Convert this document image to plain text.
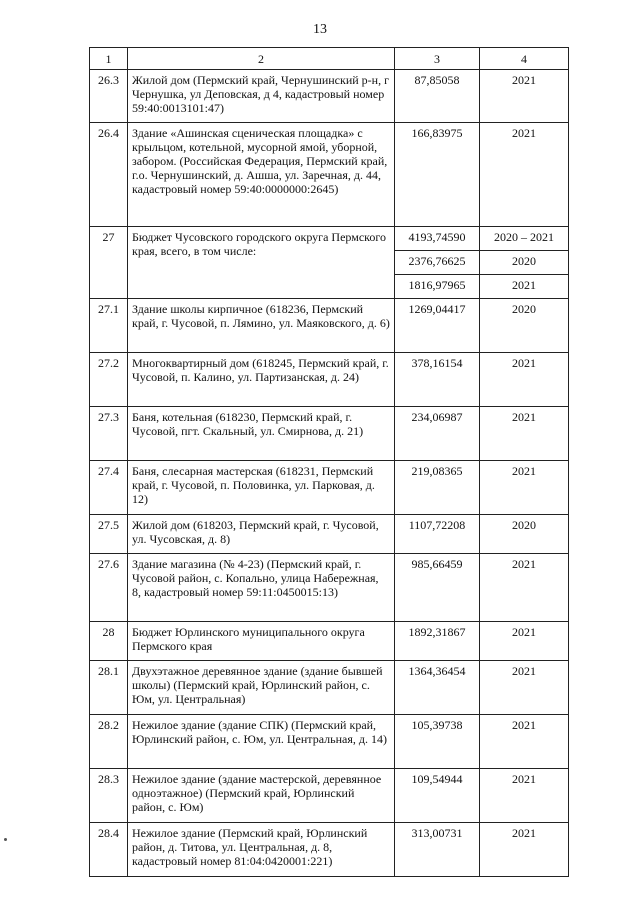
13
1	2	3	4
26.3	Жилой дом (Пермский край, Чернушинский р-н, г Чернушка, ул Деповская, д 4, кадастровый номер 59:40:0013101:47)	87,85058	2021
26.4	Здание «Ашинская сценическая площадка» с крыльцом, котельной, мусорной ямой, уборной, забором. (Российская Федерация, Пермский край, г.о. Чернушинский, д. Ашша, ул. Заречная, д. 44, кадастровый номер 59:40:0000000:2645)	166,83975	2021
27	Бюджет Чусовского городского округа Пермского края, всего, в том числе:	4193,74590	2020 – 2021
		2376,76625	2020
		1816,97965	2021
27.1	Здание школы кирпичное (618236, Пермский край, г. Чусовой, п. Лямино, ул. Маяковского, д. 6)	1269,04417	2020
27.2	Многоквартирный дом (618245, Пермский край, г. Чусовой, п. Калино, ул. Партизанская, д. 24)	378,16154	2021
27.3	Баня, котельная (618230, Пермский край, г. Чусовой, пгт. Скальный, ул. Смирнова, д. 21)	234,06987	2021
27.4	Баня, слесарная мастерская (618231, Пермский край, г. Чусовой, п. Половинка, ул. Парковая, д. 12)	219,08365	2021
27.5	Жилой дом (618203, Пермский край, г. Чусовой, ул. Чусовская, д. 8)	1107,72208	2020
27.6	Здание магазина (№ 4-23) (Пермский край, г. Чусовой район, с. Копально, улица Набережная, 8, кадастровый номер 59:11:0450015:13)	985,66459	2021
28	Бюджет Юрлинского муниципального округа Пермского края	1892,31867	2021
28.1	Двухэтажное деревянное здание (здание бывшей школы) (Пермский край, Юрлинский район, с. Юм, ул. Центральная)	1364,36454	2021
28.2	Нежилое здание (здание СПК) (Пермский край, Юрлинский район, с. Юм, ул. Центральная, д. 14)	105,39738	2021
28.3	Нежилое здание (здание мастерской, деревянное одноэтажное) (Пермский край, Юрлинский район, с. Юм)	109,54944	2021
28.4	Нежилое здание (Пермский край, Юрлинский район, д. Титова, ул. Центральная, д. 8, кадастровый номер 81:04:0420001:221)	313,00731	2021
